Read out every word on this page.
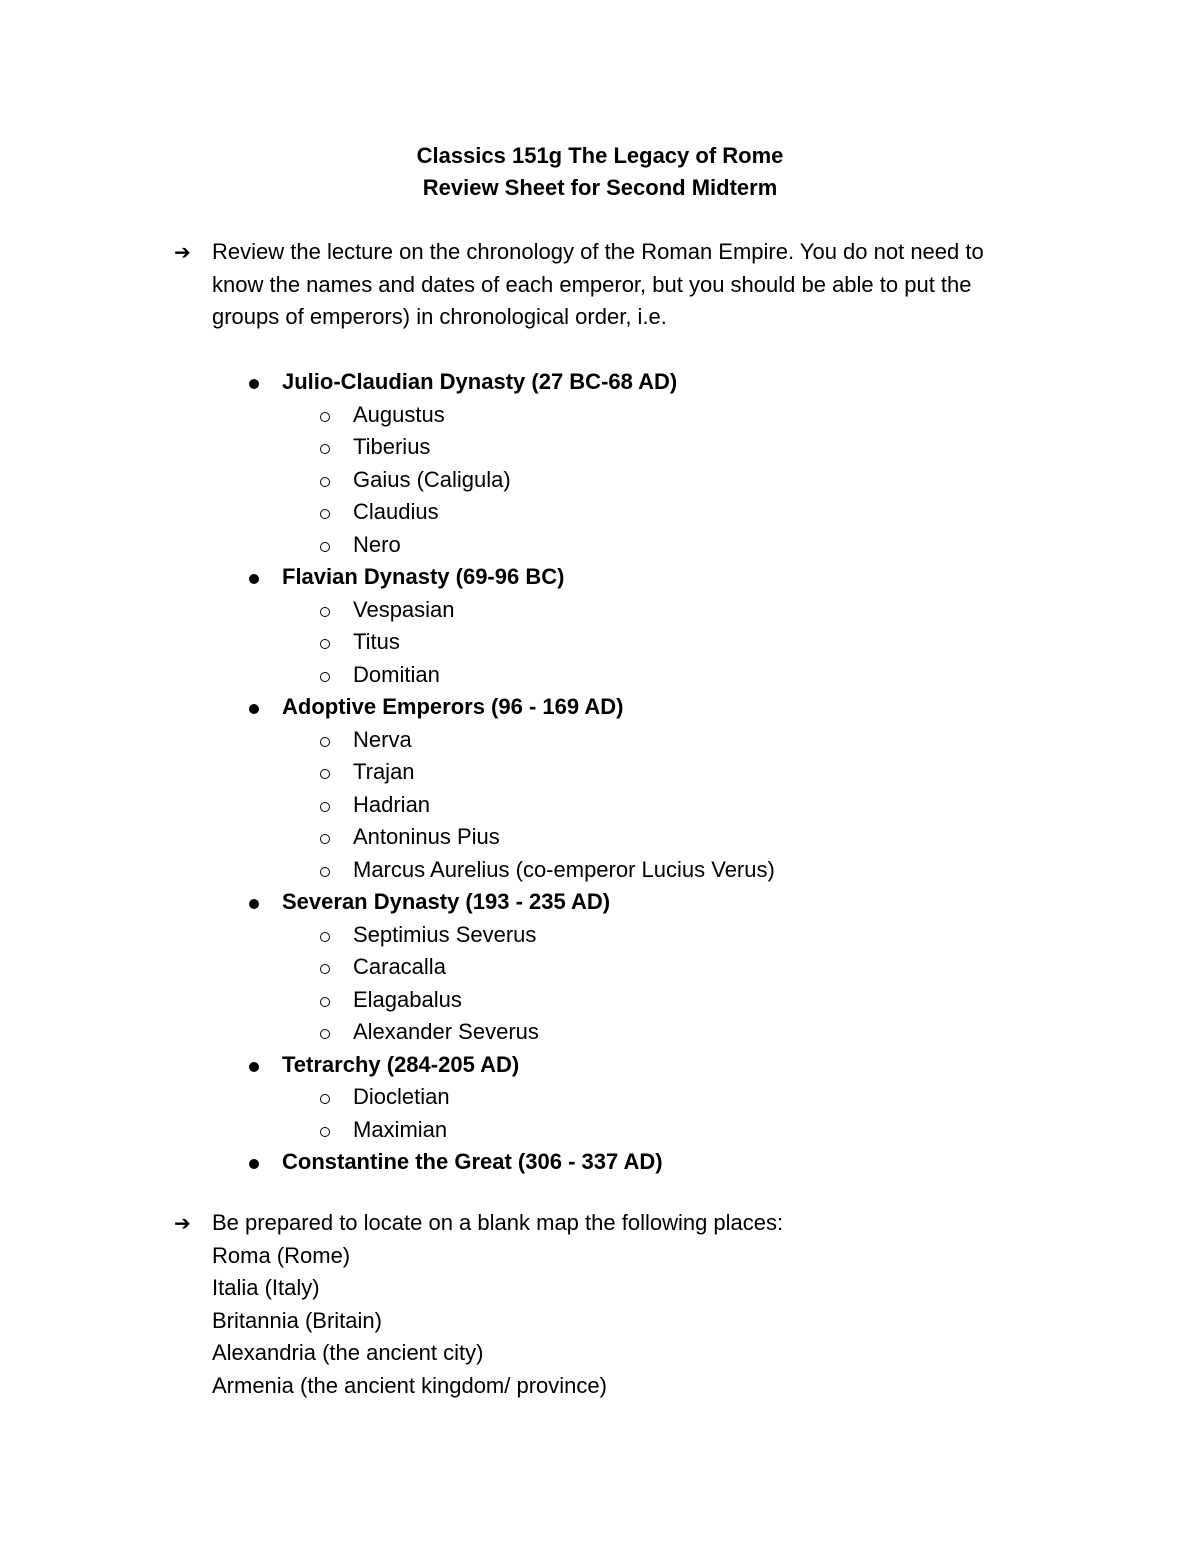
Classics 151g The Legacy of Rome
Review Sheet for Second Midterm
➔ Review the lecture on the chronology of the Roman Empire. You do not need to
know the names and dates of each emperor, but you should be able to put the
groups of emperors) in chronological order, i.e.
Julio-Claudian Dynasty (27 BC-68 AD)
Augustus
Tiberius
Gaius (Caligula)
Claudius
Nero
Flavian Dynasty (69-96 BC)
Vespasian
Titus
Domitian
Adoptive Emperors (96 - 169 AD)
Nerva
Trajan
Hadrian
Antoninus Pius
Marcus Aurelius (co-emperor Lucius Verus)
Severan Dynasty (193 - 235 AD)
Septimius Severus
Caracalla
Elagabalus
Alexander Severus
Tetrarchy (284-205 AD)
Diocletian
Maximian
Constantine the Great (306 - 337 AD)
➔ Be prepared to locate on a blank map the following places:
Roma (Rome)
Italia (Italy)
Britannia (Britain)
Alexandria (the ancient city)
Armenia (the ancient kingdom/ province)
